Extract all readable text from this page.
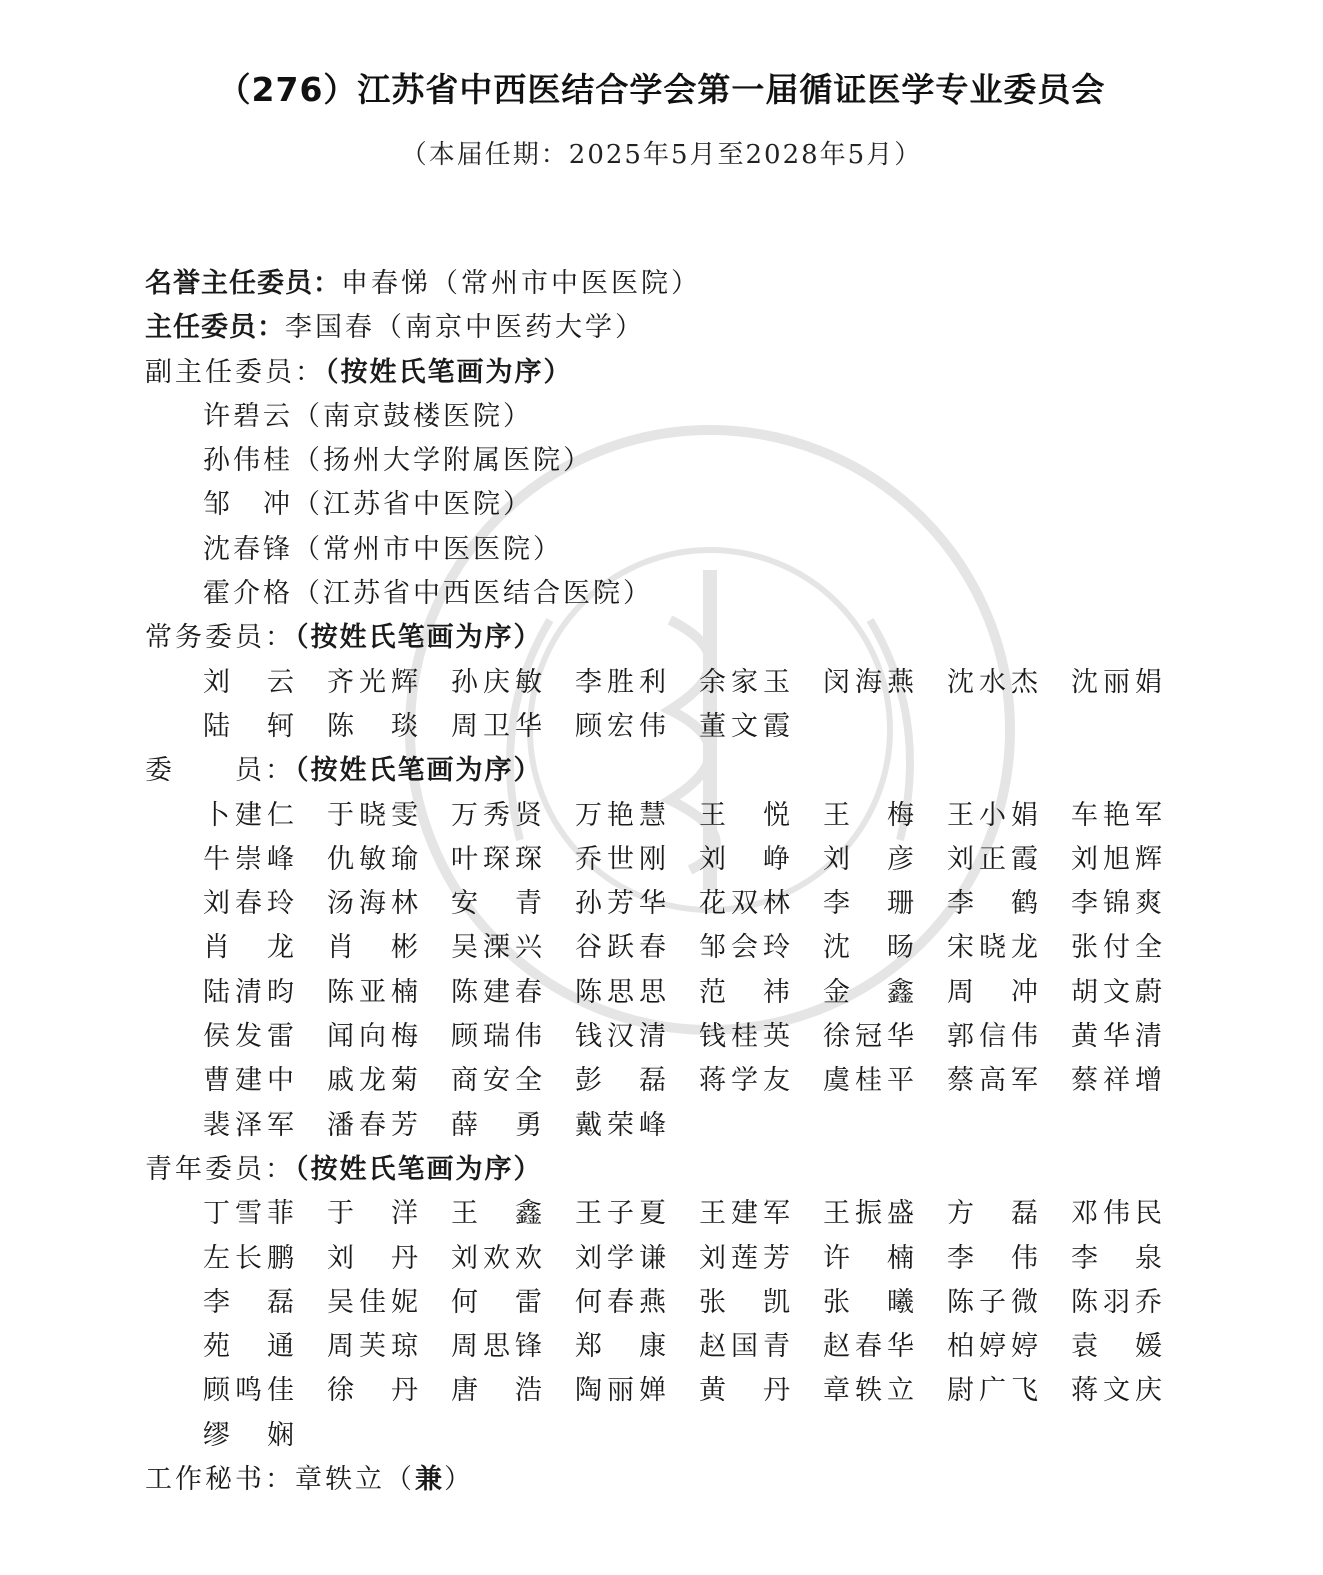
（276）江苏省中西医结合学会第一届循证医学专业委员会
（本届任期：2025年5月至2028年5月）
名誉主任委员：申春悌（常州市中医医院）
主任委员：李国春（南京中医药大学）
副主任委员：（按姓氏笔画为序）
许碧云（南京鼓楼医院）
孙伟桂（扬州大学附属医院）
邹　冲（江苏省中医院）
沈春锋（常州市中医医院）
霍介格（江苏省中西医结合医院）
常务委员：（按姓氏笔画为序）
刘 云 齐 光 辉 孙 庆 敏 李 胜 利 余 家 玉 闵 海 燕 沈 水 杰 沈 丽 娟
陆 轲 陈 琰 周 卫 华 顾 宏 伟 董 文 霞
委　　员：（按姓氏笔画为序）
卜 建 仁 于 晓 雯 万 秀 贤 万 艳 慧 王 悦 王 梅 王 小 娟 车 艳 军
牛 崇 峰 仇 敏 瑜 叶 琛 琛 乔 世 刚 刘 峥 刘 彦 刘 正 霞 刘 旭 辉
刘 春 玲 汤 海 林 安 青 孙 芳 华 花 双 林 李 珊 李 鹤 李 锦 爽
肖 龙 肖 彬 吴 溧 兴 谷 跃 春 邹 会 玲 沈 旸 宋 晓 龙 张 付 全
陆 清 昀 陈 亚 楠 陈 建 春 陈 思 思 范 祎 金 鑫 周 冲 胡 文 蔚
侯 发 雷 闻 向 梅 顾 瑞 伟 钱 汉 清 钱 桂 英 徐 冠 华 郭 信 伟 黄 华 清
曹 建 中 戚 龙 菊 商 安 全 彭 磊 蒋 学 友 虞 桂 平 蔡 高 军 蔡 祥 增
裴 泽 军 潘 春 芳 薛 勇 戴 荣 峰
青年委员：（按姓氏笔画为序）
丁 雪 菲 于 洋 王 鑫 王 子 夏 王 建 军 王 振 盛 方 磊 邓 伟 民
左 长 鹏 刘 丹 刘 欢 欢 刘 学 谦 刘 莲 芳 许 楠 李 伟 李 泉
李 磊 吴 佳 妮 何 雷 何 春 燕 张 凯 张 曦 陈 子 微 陈 羽 乔
苑 通 周 芙 琼 周 思 锋 郑 康 赵 国 青 赵 春 华 柏 婷 婷 袁 媛
顾 鸣 佳 徐 丹 唐 浩 陶 丽 婵 黄 丹 章 轶 立 尉 广 飞 蒋 文 庆
缪 娴
工作秘书：章轶立（兼）
